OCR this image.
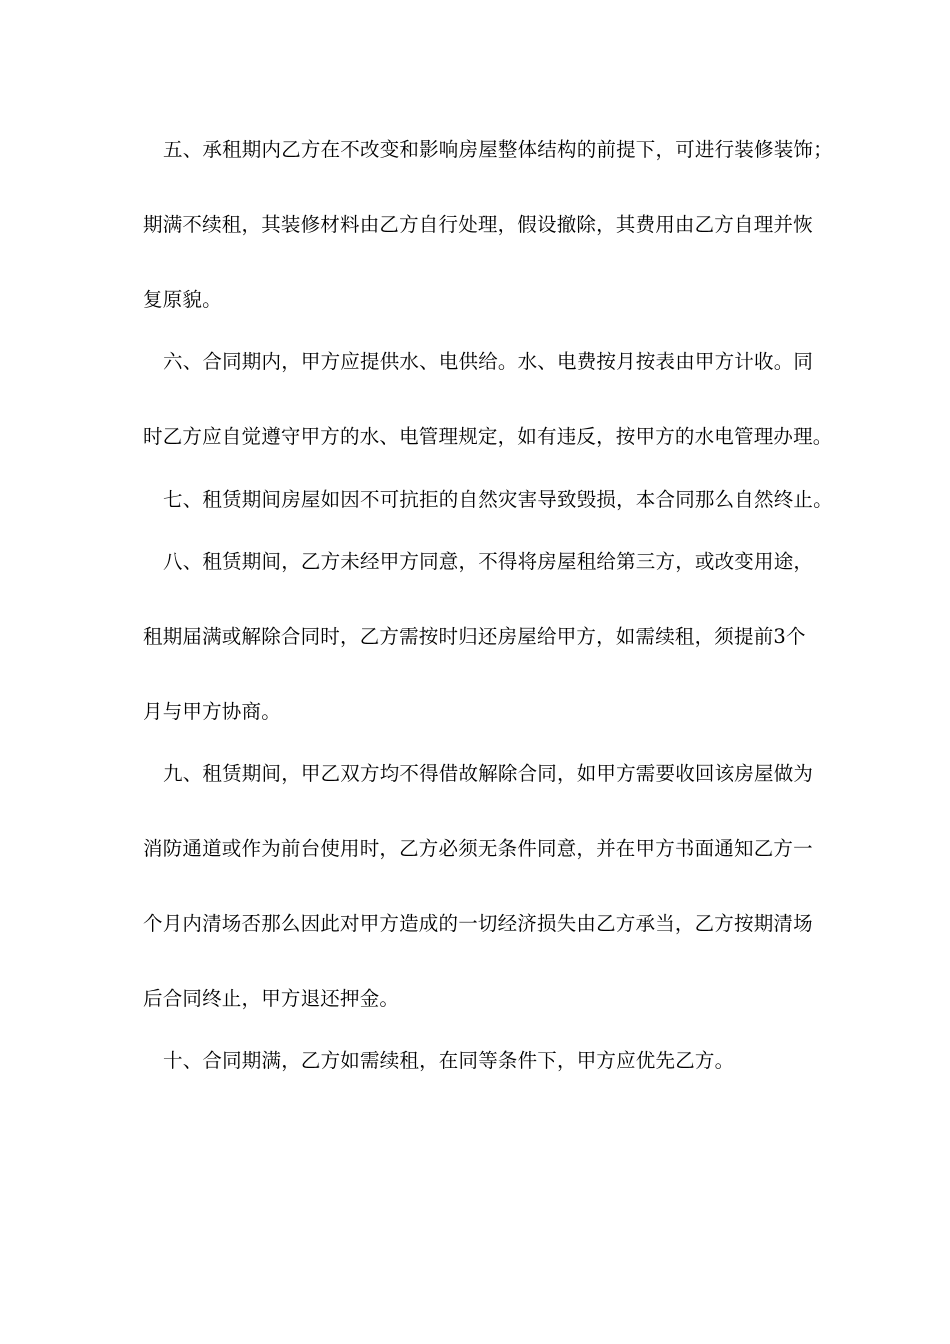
五、承租期内乙方在不改变和影响房屋整体结构的前提下，可进行装修装饰；
期满不续租，其装修材料由乙方自行处理，假设撤除，其费用由乙方自理并恢
复原貌。
六、合同期内，甲方应提供水、电供给。水、电费按月按表由甲方计收。同
时乙方应自觉遵守甲方的水、电管理规定，如有违反，按甲方的水电管理办理。
七、租赁期间房屋如因不可抗拒的自然灾害导致毁损，本合同那么自然终止。
八、租赁期间，乙方未经甲方同意，不得将房屋租给第三方，或改变用途，
租期届满或解除合同时，乙方需按时归还房屋给甲方，如需续租，须提前3个
月与甲方协商。
九、租赁期间，甲乙双方均不得借故解除合同，如甲方需要收回该房屋做为
消防通道或作为前台使用时，乙方必须无条件同意，并在甲方书面通知乙方一
个月内清场否那么因此对甲方造成的一切经济损失由乙方承当，乙方按期清场
后合同终止，甲方退还押金。
十、合同期满，乙方如需续租，在同等条件下，甲方应优先乙方。
